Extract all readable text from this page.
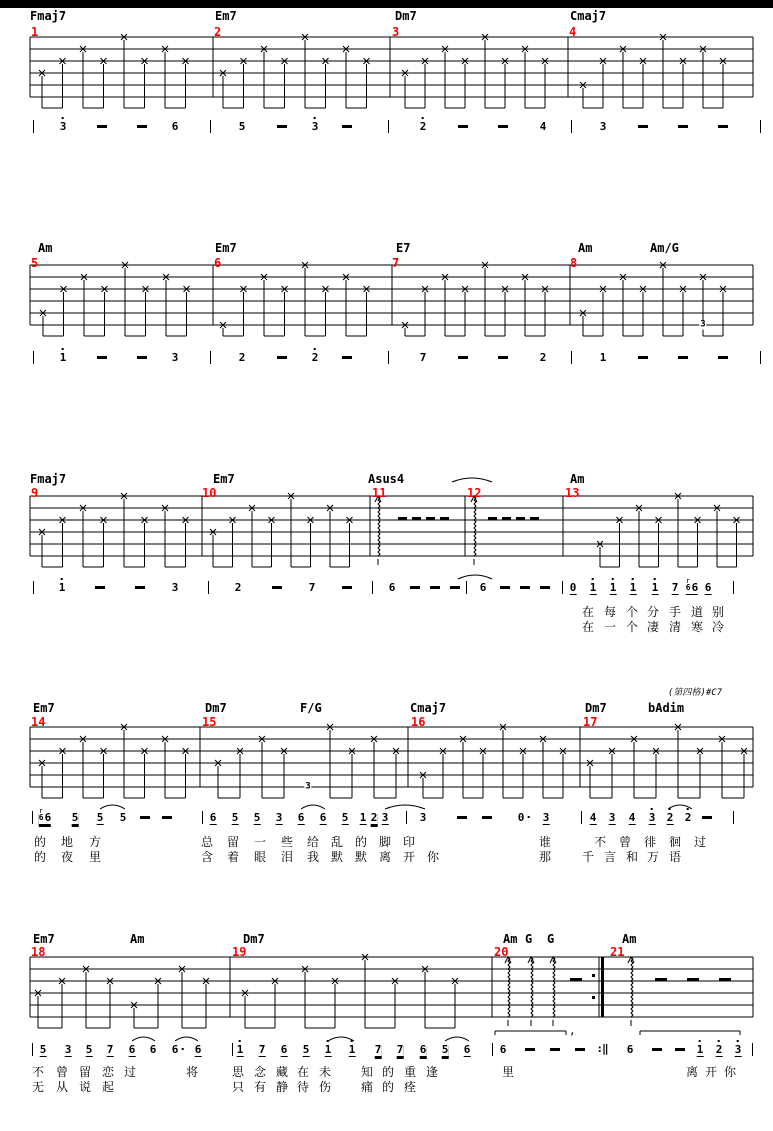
Fmaj7	Em7	Dm7	Cmaj7
1	2	3	4
3	6	5	3	2	4	3
Am	Em7	E7	Am	Am/G
5	6	7	8
3
1	3	2	2	7	2	1
Fmaj7	Em7	Asus4	Am
9	10	11	12	13
1	3	2	7	6	6	0 1 1 1 1 7 r
66 6
在 每 个 分 手 道 别
在 一 个 凄 清 寒 冷
Em7	Dm7	F/G	Cmaj7	Dm7	bAdim
14	15	16	17
(第四格)#C7
3
r
66 5 5 5	6 5 5 3 6 6 5 1 2 3	3	0 3	4 3 4 3 2 2
的 地 方	总 留 一 些 给 乱 的 脚 印	谁	不 曾 徘 徊 过
的 夜 里	含 着 眼 泪 我 默 默 离 开 你	那	千 言 和 万 语
Em7	Am	Dm7	Am G G	Am
18	19	20	21
,
5 3 5 7 6 6 6 6	1 7 6 5 1 1 7 7 6 5 6	6	:‖ 6	1 2 3
不 曾 留 恋 过	将	思 念 藏 在 未 知 的 重 逢	里	离 开 你
无 从 说 起	只 有 静 待 伤 痛 的 痊
